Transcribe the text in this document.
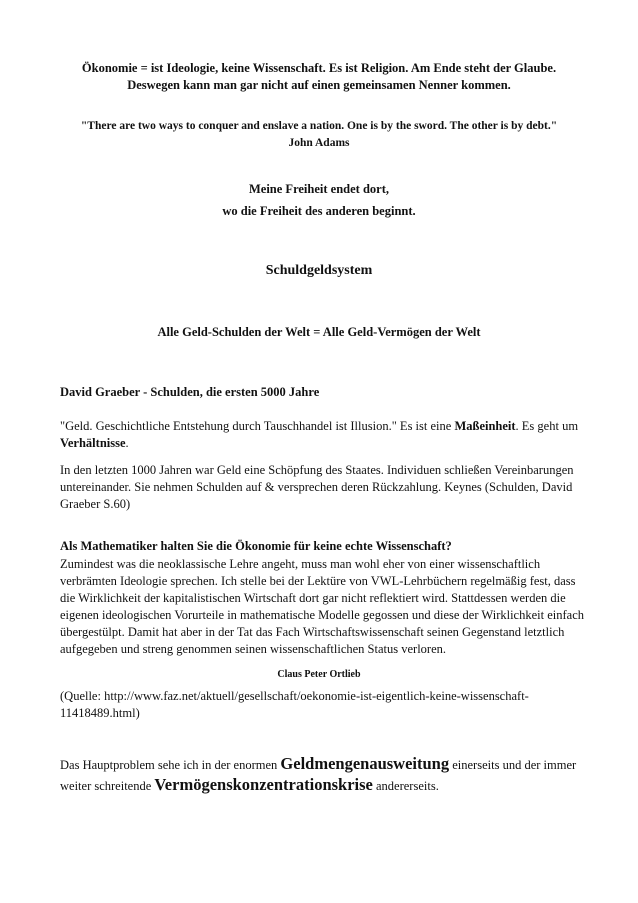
Ökonomie = ist Ideologie, keine Wissenschaft. Es ist Religion. Am Ende steht der Glaube.
Deswegen kann man gar nicht auf einen gemeinsamen Nenner kommen.
"There are two ways to conquer and enslave a nation. One is by the sword. The other is by debt."
John Adams
Meine Freiheit endet dort,
wo die Freiheit des anderen beginnt.
Schuldgeldsystem
Alle Geld-Schulden der Welt = Alle Geld-Vermögen der Welt
David Graeber - Schulden, die ersten 5000 Jahre
"Geld. Geschichtliche Entstehung durch Tauschhandel ist Illusion." Es ist eine Maßeinheit. Es geht um Verhältnisse.
In den letzten 1000 Jahren war Geld eine Schöpfung des Staates. Individuen schließen Vereinbarungen untereinander. Sie nehmen Schulden auf & versprechen deren Rückzahlung. Keynes (Schulden, David Graeber S.60)
Als Mathematiker halten Sie die Ökonomie für keine echte Wissenschaft?
Zumindest was die neoklassische Lehre angeht, muss man wohl eher von einer wissenschaftlich verbrämten Ideologie sprechen. Ich stelle bei der Lektüre von VWL-Lehrbüchern regelmäßig fest, dass die Wirklichkeit der kapitalistischen Wirtschaft dort gar nicht reflektiert wird. Stattdessen werden die eigenen ideologischen Vorurteile in mathematische Modelle gegossen und diese der Wirklichkeit einfach übergestülpt. Damit hat aber in der Tat das Fach Wirtschaftswissenschaft seinen Gegenstand letztlich aufgegeben und streng genommen seinen wissenschaftlichen Status verloren.
Claus Peter Ortlieb
(Quelle: http://www.faz.net/aktuell/gesellschaft/oekonomie-ist-eigentlich-keine-wissenschaft-11418489.html)
Das Hauptproblem sehe ich in der enormen Geldmengenausweitung einerseits und der immer weiter schreitende Vermögenskonzentrationskrise andererseits.
